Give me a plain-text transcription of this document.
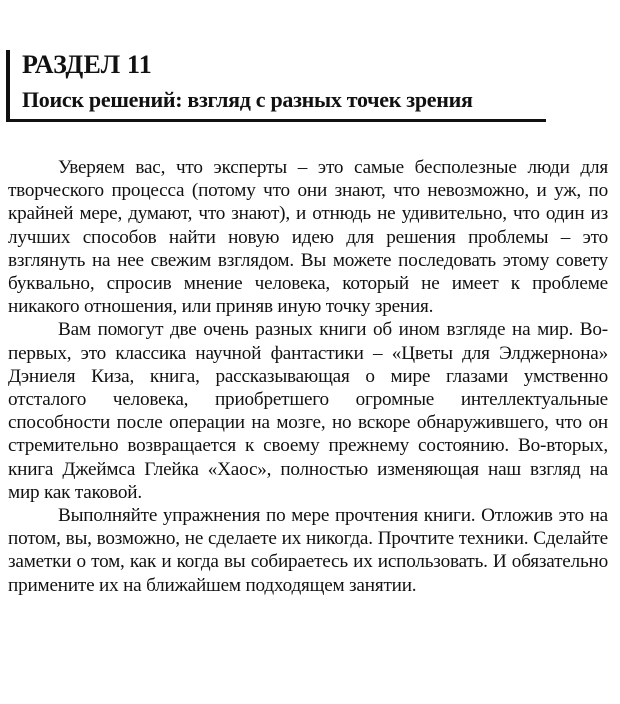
РАЗДЕЛ 11
Поиск решений: взгляд с разных точек зрения

Уверяем вас, что эксперты – это самые бесполезные люди для творческого процесса (потому что они знают, что невозможно, и уж, по крайней мере, думают, что знают), и отнюдь не удивительно, что один из лучших способов найти новую идею для решения проблемы – это взглянуть на нее свежим взглядом. Вы можете последовать этому совету буквально, спросив мнение человека, который не имеет к проблеме никакого отношения, или приняв иную точку зрения.

Вам помогут две очень разных книги об ином взгляде на мир. Во-первых, это классика научной фантастики – «Цветы для Элджернона» Дэниеля Киза, книга, рассказывающая о мире глазами умственно отсталого человека, приобретшего огромные интеллектуальные способности после операции на мозге, но вскоре обнаружившего, что он стремительно возвращается к своему прежнему состоянию. Во-вторых, книга Джеймса Глейка «Хаос», полностью изменяющая наш взгляд на мир как таковой.

Выполняйте упражнения по мере прочтения книги. Отложив это на потом, вы, возможно, не сделаете их никогда. Прочтите техники. Сделайте заметки о том, как и когда вы собираетесь их использовать. И обязательно примените их на ближайшем подходящем занятии.
